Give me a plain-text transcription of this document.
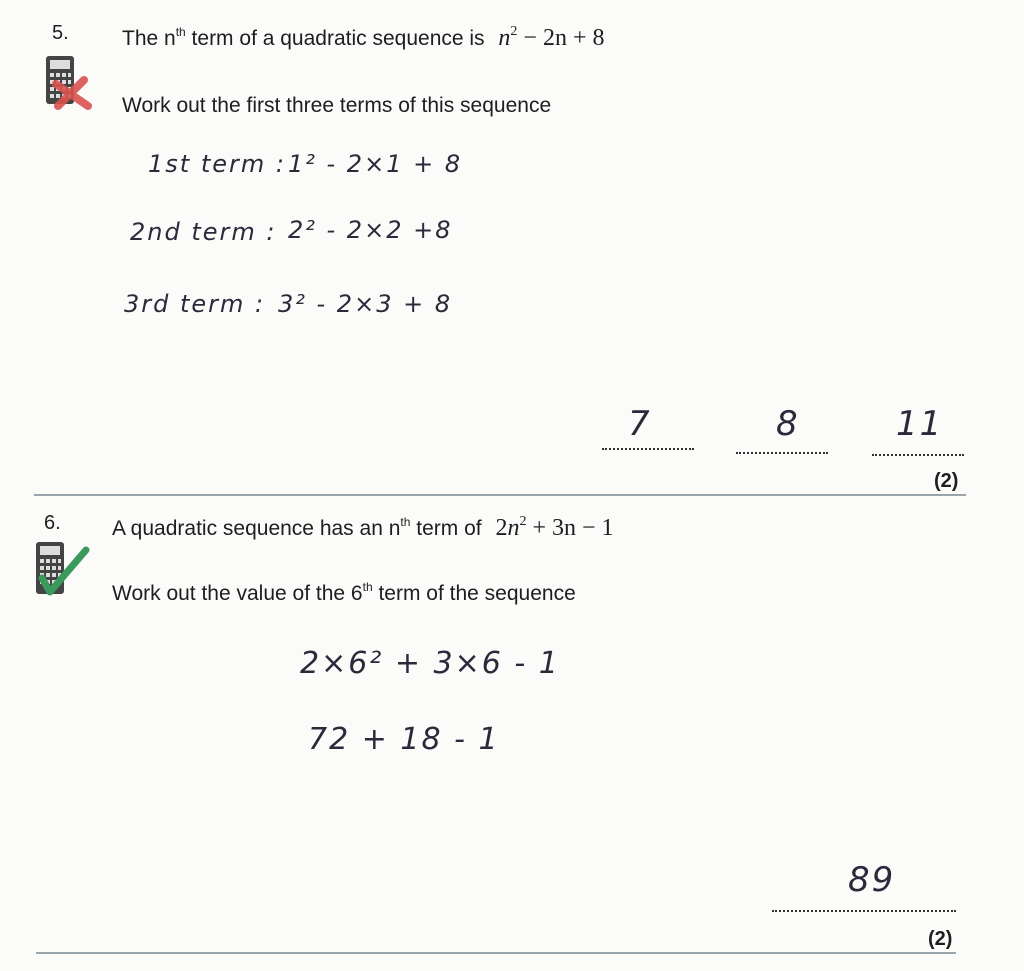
5.	The $n^{th}$ term of a quadratic sequence is $n^2 - 2n + 8$
Work out the first three terms of this sequence
1st term : 1² - 2×1 + 8
2nd term : 2² - 2×2 +8
3rd term : 3² - 2×3 + 8
7	8	11
(2)
6. A quadratic sequence has an $n^{th}$ term of $2n^2 + 3n - 1$
Work out the value of the 6th term of the sequence
2×6² + 3×6 - 1
72 + 18 - 1
89
(2)
